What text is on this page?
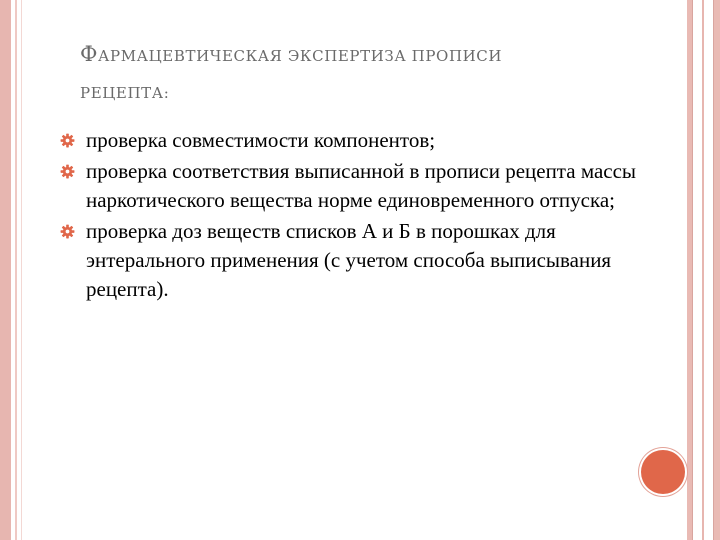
ФАРМАЦЕВТИЧЕСКАЯ ЭКСПЕРТИЗА ПРОПИСИ
РЕЦЕПТА:
проверка совместимости компонентов;
проверка соответствия выписанной в прописи рецепта массы наркотического вещества норме единовременного отпуска;
проверка доз веществ списков А и Б в порошках для энтерального применения (с учетом способа выписывания рецепта).
